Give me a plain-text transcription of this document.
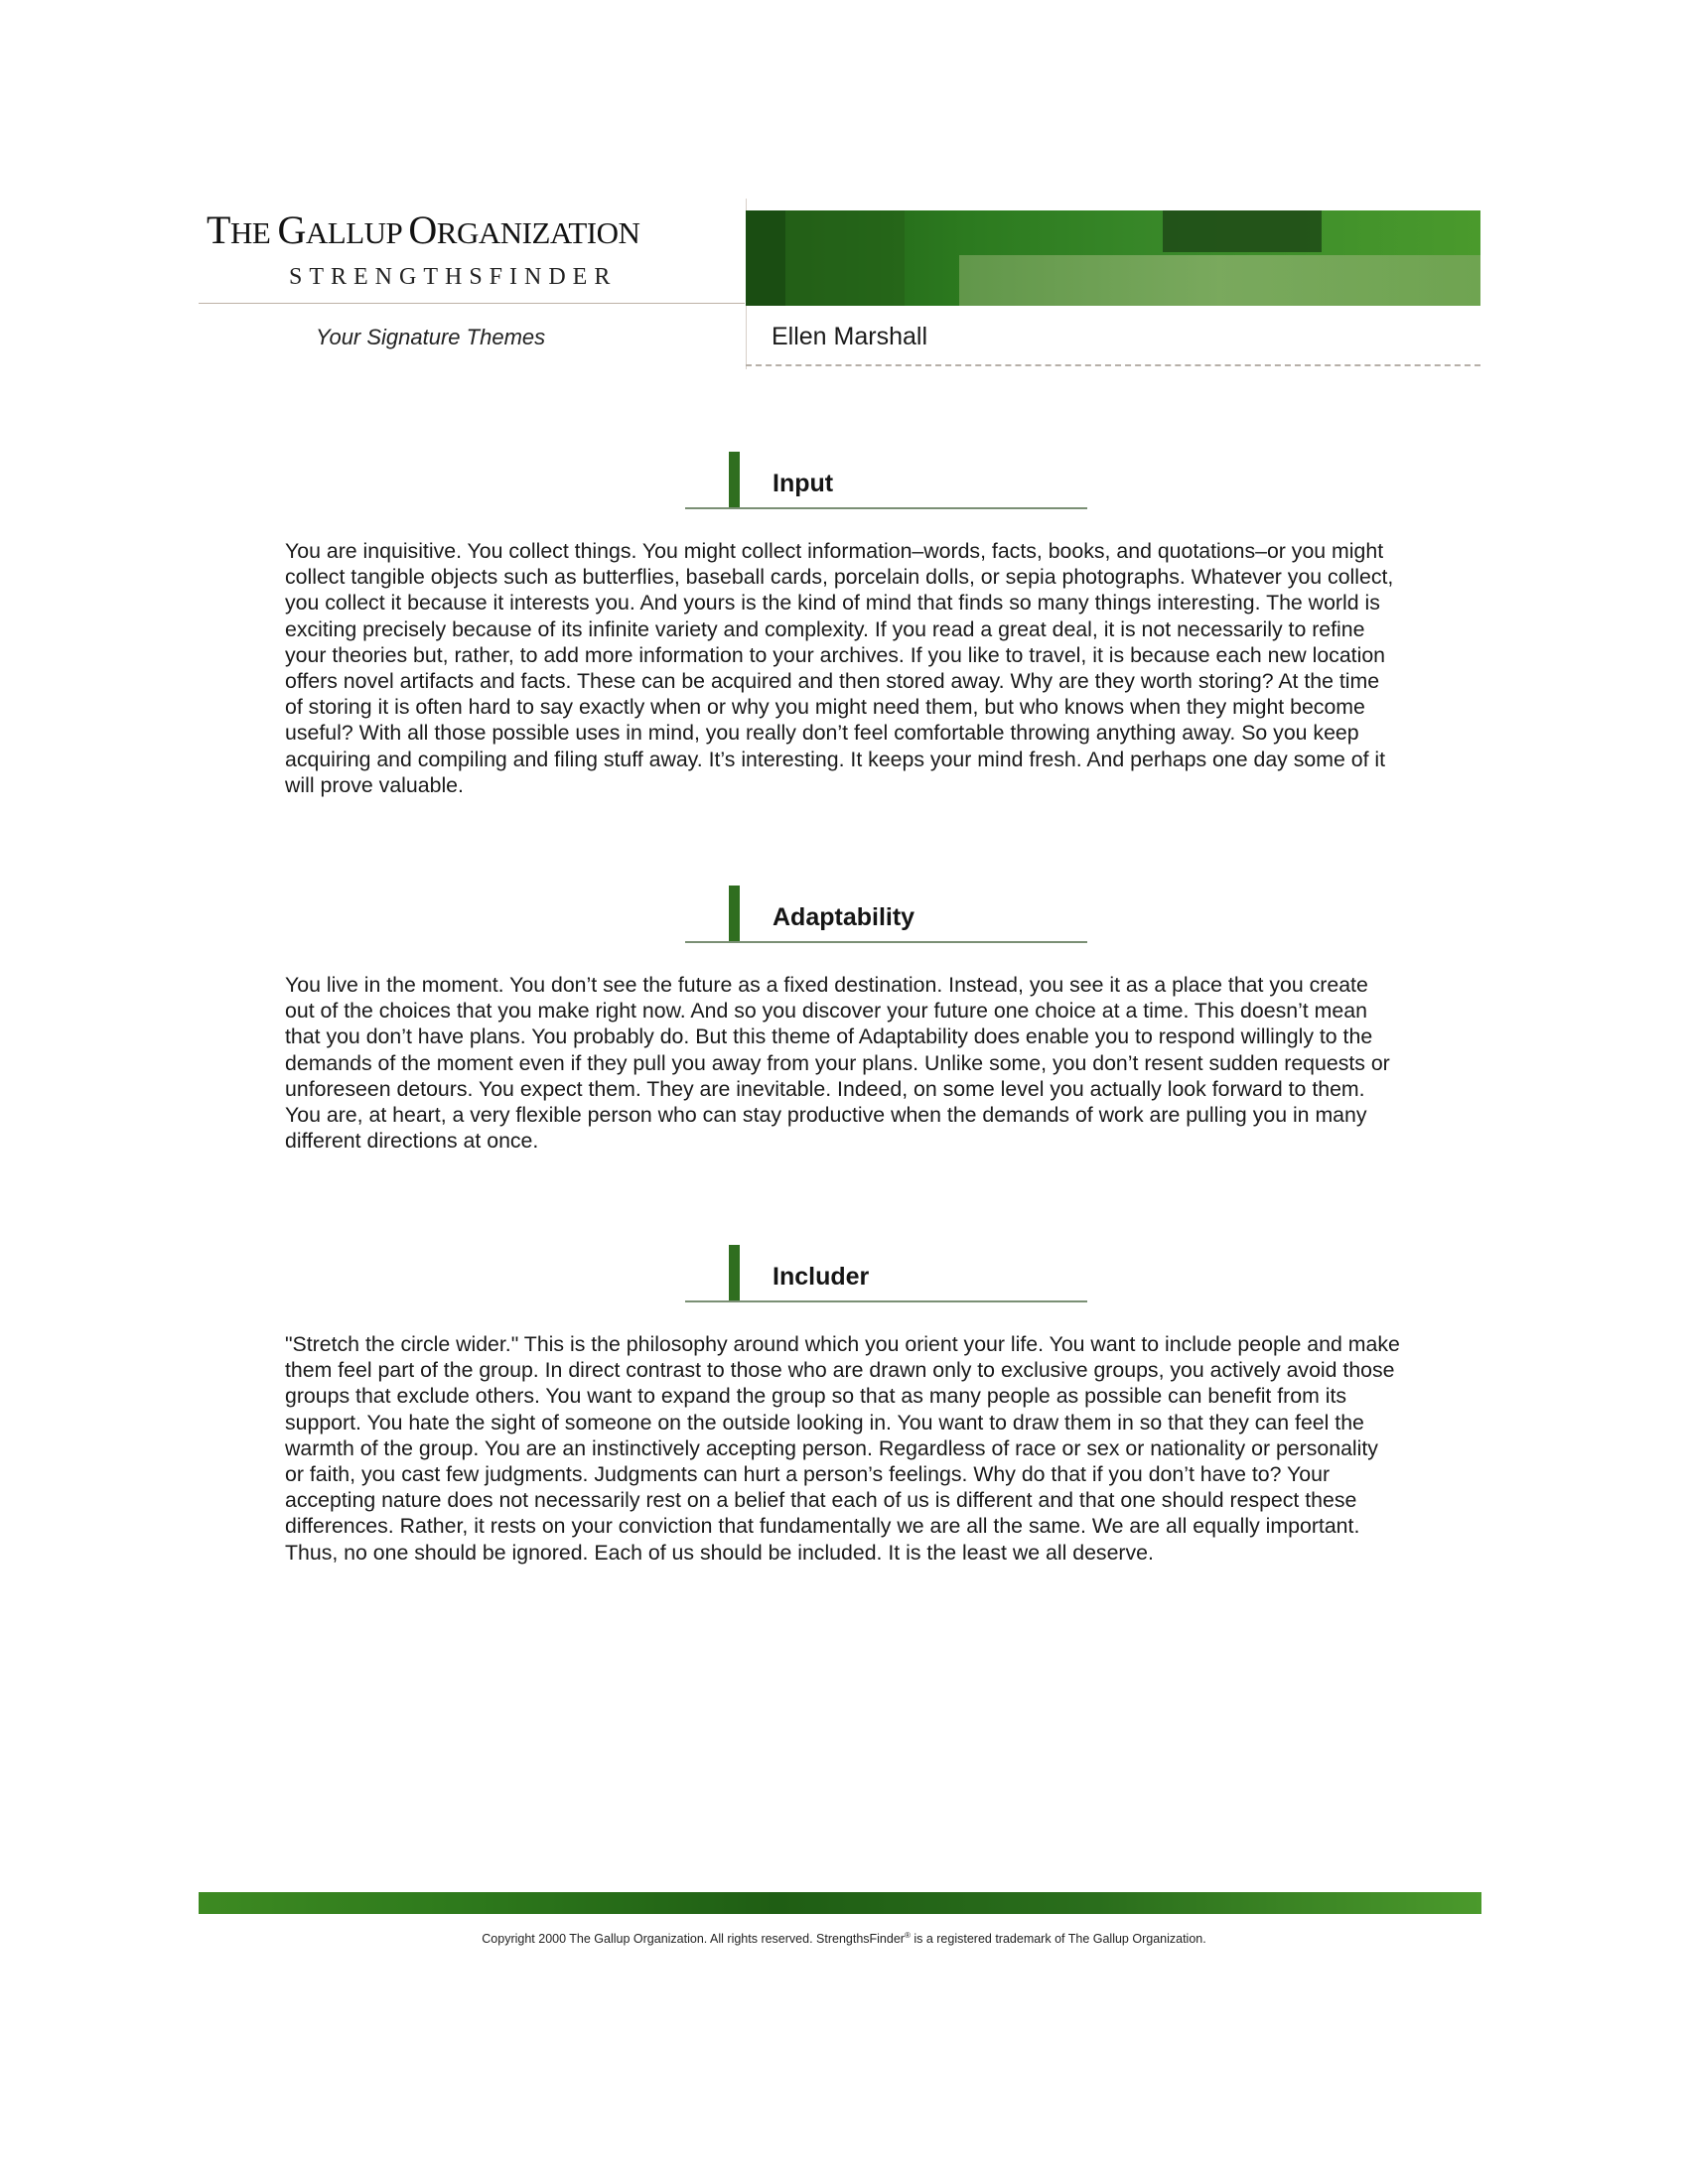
THE GALLUP ORGANIZATION
STRENGTHSFINDER
Your Signature Themes	Ellen Marshall
Input
You are inquisitive. You collect things. You might collect information–words, facts, books, and quotations–or you might collect tangible objects such as butterflies, baseball cards, porcelain dolls, or sepia photographs. Whatever you collect, you collect it because it interests you. And yours is the kind of mind that finds so many things interesting. The world is exciting precisely because of its infinite variety and complexity. If you read a great deal, it is not necessarily to refine your theories but, rather, to add more information to your archives. If you like to travel, it is because each new location offers novel artifacts and facts. These can be acquired and then stored away. Why are they worth storing? At the time of storing it is often hard to say exactly when or why you might need them, but who knows when they might become useful? With all those possible uses in mind, you really don’t feel comfortable throwing anything away. So you keep acquiring and compiling and filing stuff away. It’s interesting. It keeps your mind fresh. And perhaps one day some of it will prove valuable.
Adaptability
You live in the moment. You don’t see the future as a fixed destination. Instead, you see it as a place that you create out of the choices that you make right now. And so you discover your future one choice at a time. This doesn’t mean that you don’t have plans. You probably do. But this theme of Adaptability does enable you to respond willingly to the demands of the moment even if they pull you away from your plans. Unlike some, you don’t resent sudden requests or unforeseen detours. You expect them. They are inevitable. Indeed, on some level you actually look forward to them. You are, at heart, a very flexible person who can stay productive when the demands of work are pulling you in many different directions at once.
Includer
"Stretch the circle wider." This is the philosophy around which you orient your life. You want to include people and make them feel part of the group. In direct contrast to those who are drawn only to exclusive groups, you actively avoid those groups that exclude others. You want to expand the group so that as many people as possible can benefit from its support. You hate the sight of someone on the outside looking in. You want to draw them in so that they can feel the warmth of the group. You are an instinctively accepting person. Regardless of race or sex or nationality or personality or faith, you cast few judgments. Judgments can hurt a person’s feelings. Why do that if you don’t have to? Your accepting nature does not necessarily rest on a belief that each of us is different and that one should respect these differences. Rather, it rests on your conviction that fundamentally we are all the same. We are all equally important. Thus, no one should be ignored. Each of us should be included. It is the least we all deserve.
Copyright 2000 The Gallup Organization. All rights reserved. StrengthsFinder® is a registered trademark of The Gallup Organization.
